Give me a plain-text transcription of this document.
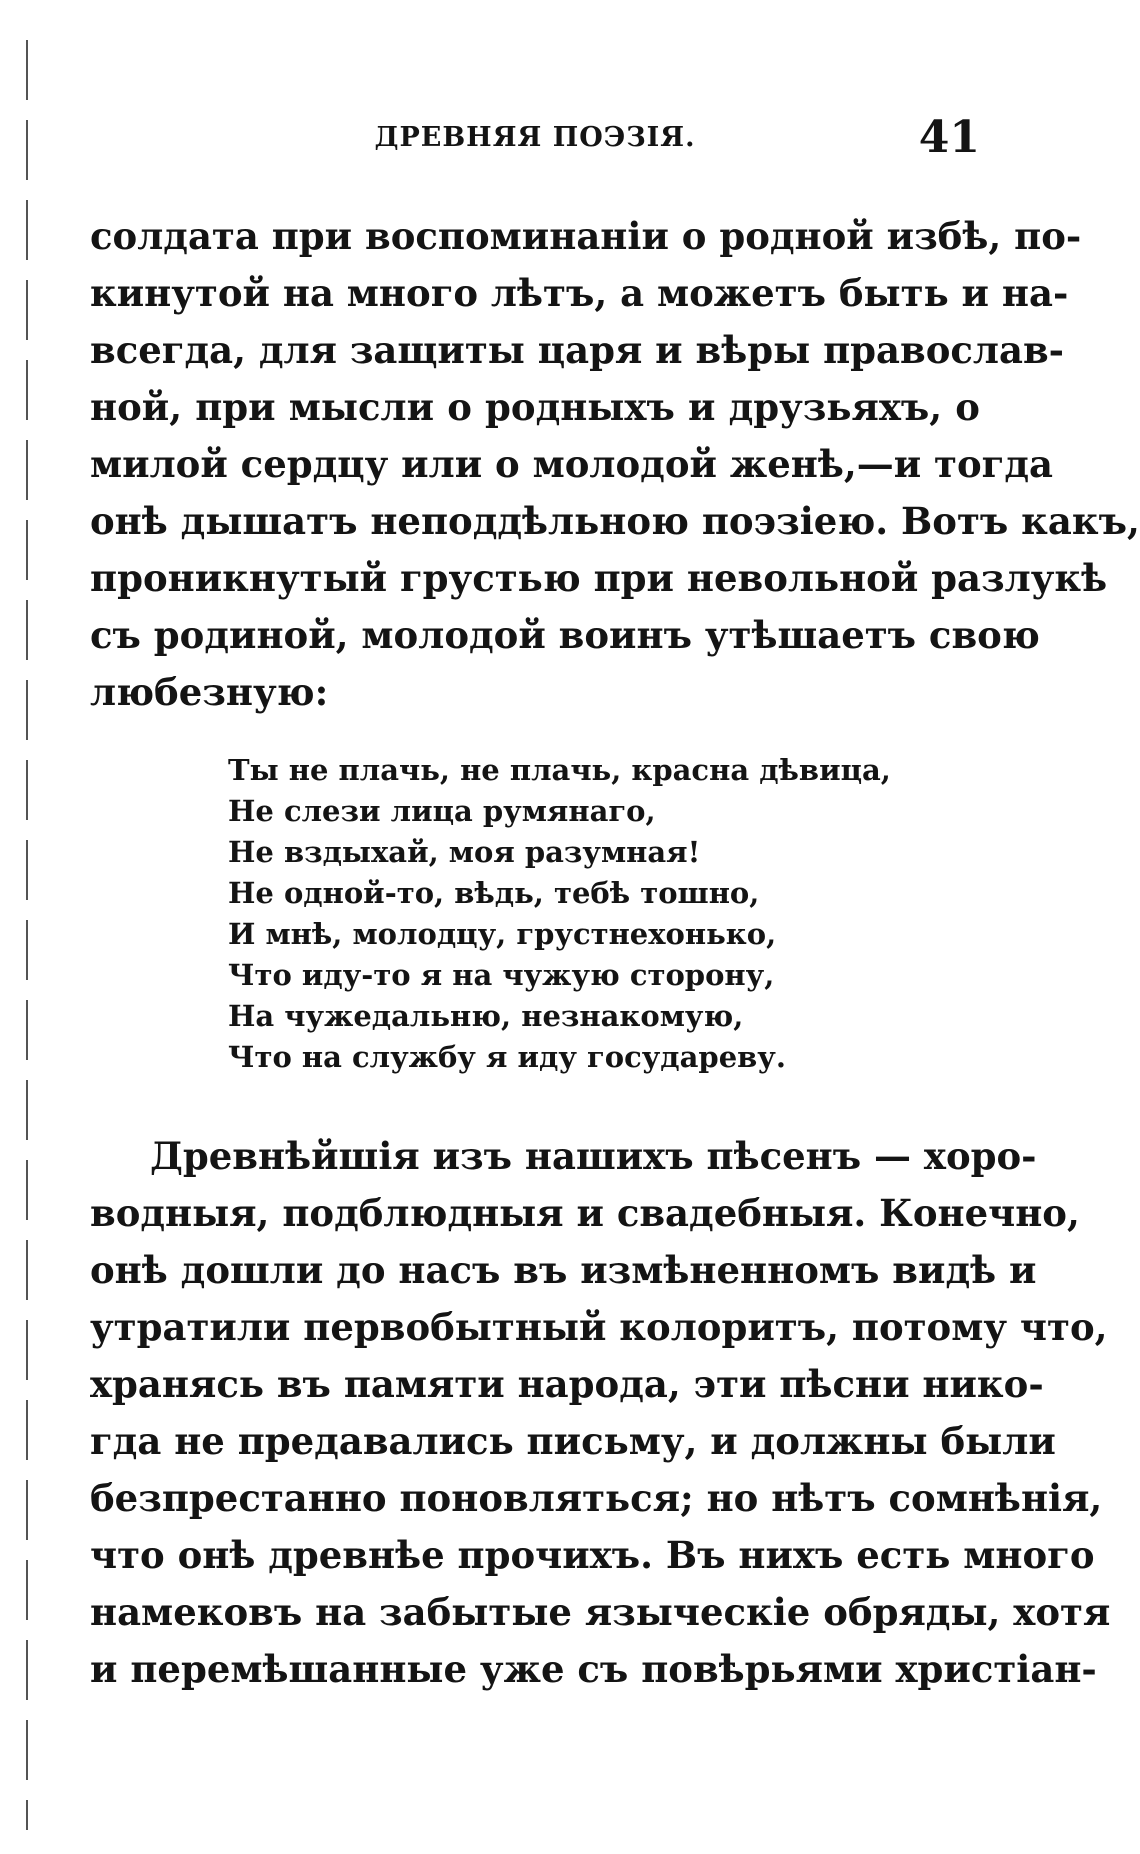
ДРЕВНЯЯ ПОЭЗІЯ.	41
солдата при воспоминаніи о родной избѣ, по-
кинутой на много лѣтъ, а можетъ быть и на-
всегда, для защиты царя и вѣры православ-
ной, при мысли о родныхъ и друзьяхъ, о
милой сердцу или о молодой женѣ,—и тогда
онѣ дышатъ неподдѣльною поэзіею. Вотъ какъ,
проникнутый грустью при невольной разлукѣ
съ родиной, молодой воинъ утѣшаетъ свою
любезную:
Ты не плачь, не плачь, красна дѣвица,
Не слези лица румянаго,
Не вздыхай, моя разумная!
Не одной-то, вѣдь, тебѣ тошно,
И мнѣ, молодцу, грустнехонько,
Что иду-то я на чужую сторону,
На чужедальню, незнакомую,
Что на службу я иду государеву.
Древнѣйшія изъ нашихъ пѣсенъ — хоро-
водныя, подблюдныя и свадебныя. Конечно,
онѣ дошли до насъ въ измѣненномъ видѣ и
утратили первобытный колоритъ, потому что,
хранясь въ памяти народа, эти пѣсни нико-
гда не предавались письму, и должны были
безпрестанно поновляться; но нѣтъ сомнѣнія,
что онѣ древнѣе прочихъ. Въ нихъ есть много
намековъ на забытые языческіе обряды, хотя
и перемѣшанные уже съ повѣрьями христіан-
